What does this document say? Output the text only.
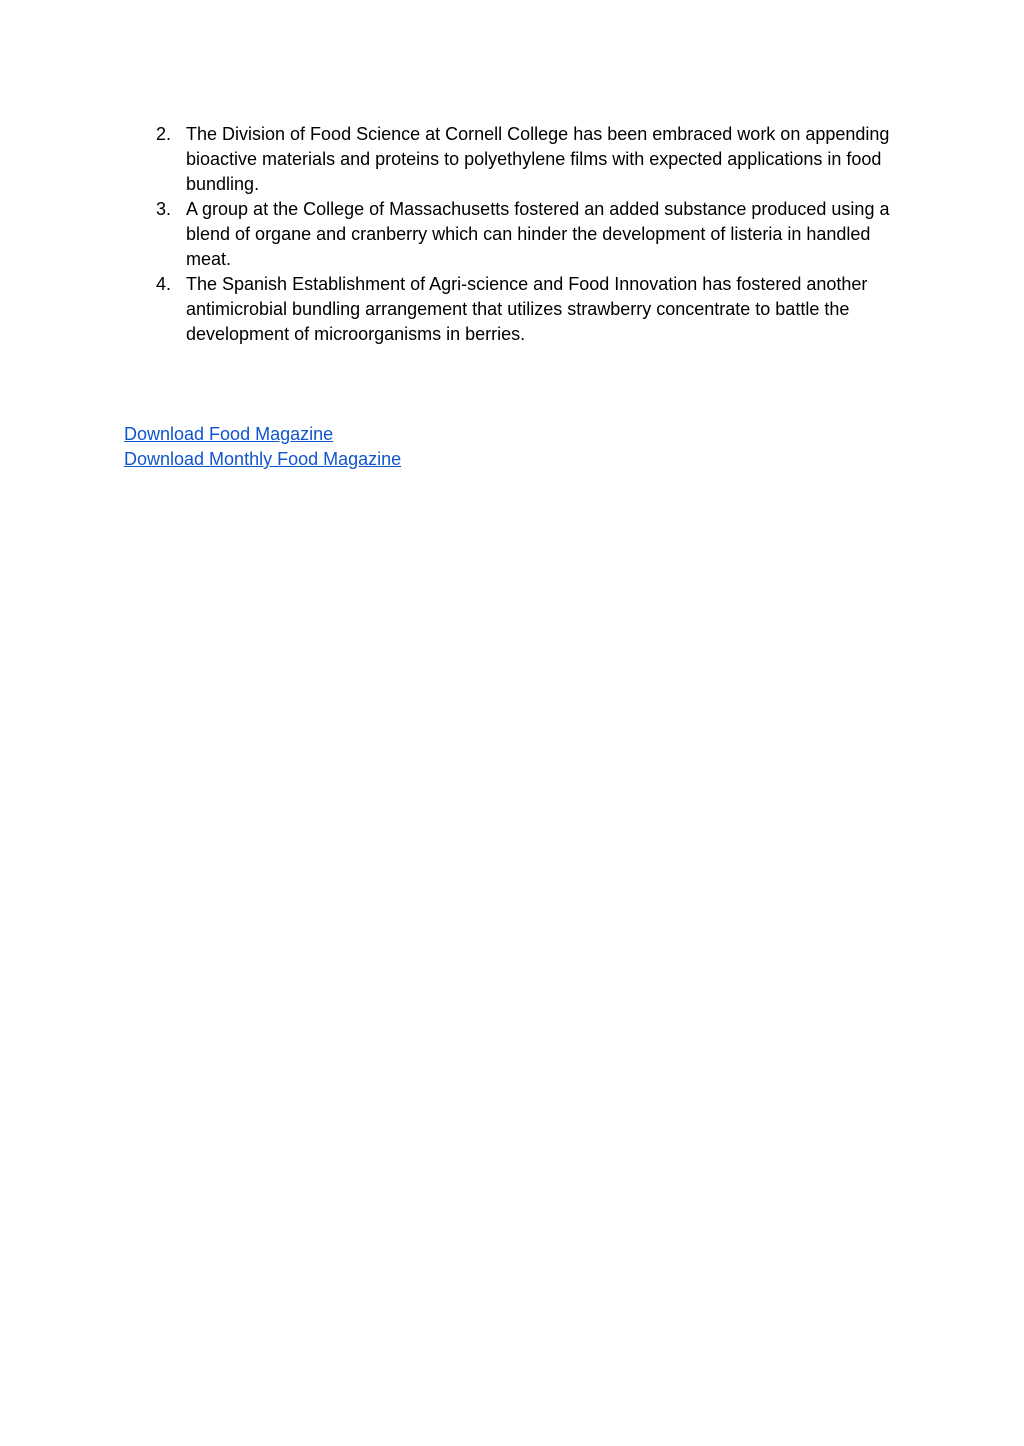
2. The Division of Food Science at Cornell College has been embraced work on appending bioactive materials and proteins to polyethylene films with expected applications in food bundling.
3. A group at the College of Massachusetts fostered an added substance produced using a blend of organe and cranberry which can hinder the development of listeria in handled meat.
4. The Spanish Establishment of Agri-science and Food Innovation has fostered another antimicrobial bundling arrangement that utilizes strawberry concentrate to battle the development of microorganisms in berries.
Download Food Magazine
Download Monthly Food Magazine
